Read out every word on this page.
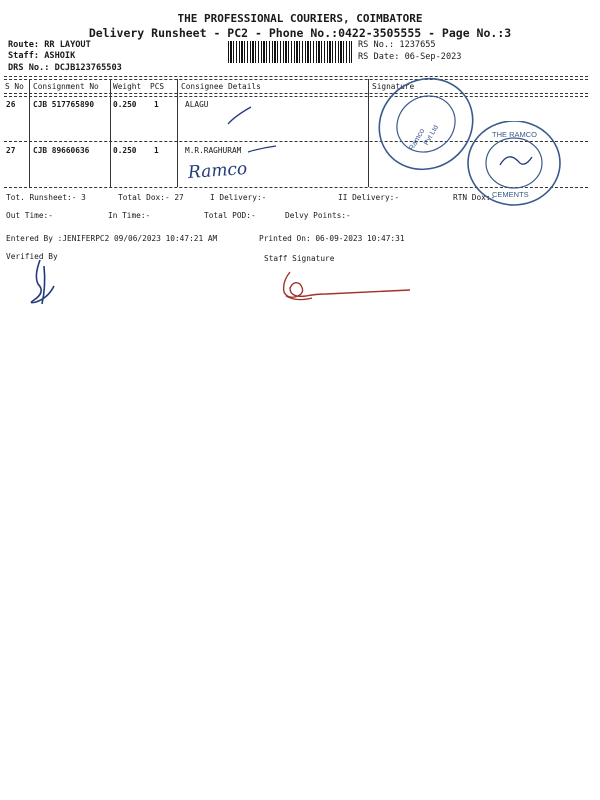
THE PROFESSIONAL COURIERS, COIMBATORE
Delivery Runsheet - PC2 - Phone No.:0422-3505555 - Page No.:3
Route: RR LAYOUT
Staff: ASHOIK
DRS No.: DCJB123765503
RS No.: 1237655
RS Date: 06-Sep-2023
S No Consignment No Weight PCS Consignee Details	Signature
26 CJB 517765890 0.250 1	ALAGU
27 CJB 89660636	0.250 1	M.R.RAGHURAM
Ramco
Ramco
Pvt Ltd	THE RAMCO
CEMENTS
Tot. Runsheet:- 3	Total Dox:- 27	I Delivery:-	II Delivery:-	RTN Dox:-
Out Time:-	In Time:-	Total POD:-	Delvy Points:-
Entered By :JENIFERPC2 09/06/2023 10:47:21 AM	Printed On: 06-09-2023 10:47:31
Verified By	Staff Signature
